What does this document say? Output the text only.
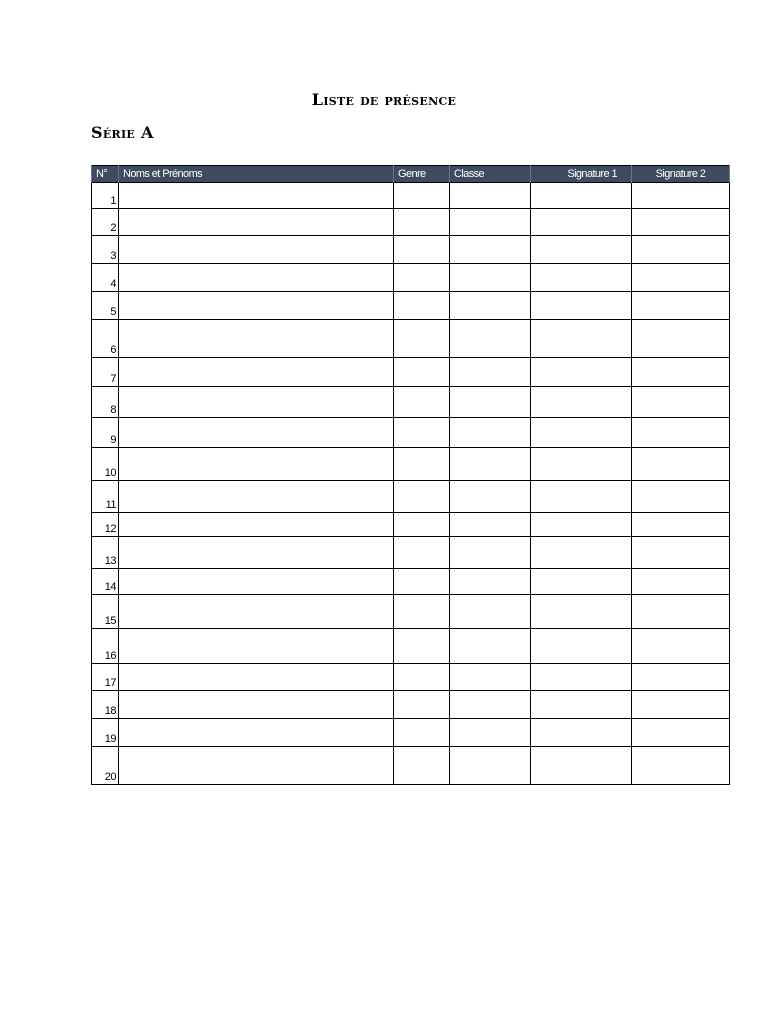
Liste de présence
Série A
N°	Noms et Prénoms	Genre	Classe	Signature 1	Signature 2
1					
2					
3					
4					
5					
6					
7					
8					
9					
10					
11					
12					
13					
14					
15					
16					
17					
18					
19					
20					
